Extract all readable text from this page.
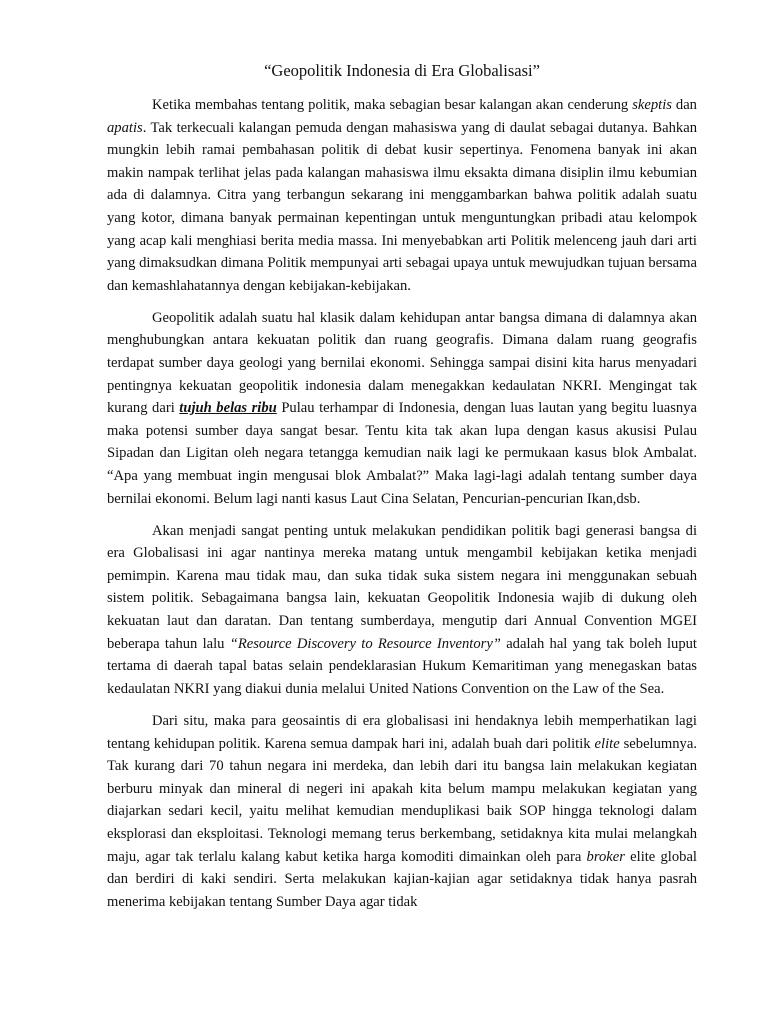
“Geopolitik Indonesia di Era Globalisasi”

Ketika membahas tentang politik, maka sebagian besar kalangan akan cenderung skeptis dan apatis. Tak terkecuali kalangan pemuda dengan mahasiswa yang di daulat sebagai dutanya. Bahkan mungkin lebih ramai pembahasan politik di debat kusir sepertinya. Fenomena banyak ini akan makin nampak terlihat jelas pada kalangan mahasiswa ilmu eksakta dimana disiplin ilmu kebumian ada di dalamnya. Citra yang terbangun sekarang ini menggambarkan bahwa politik adalah suatu yang kotor, dimana banyak permainan kepentingan untuk menguntungkan pribadi atau kelompok yang acap kali menghiasi berita media massa. Ini menyebabkan arti Politik melenceng jauh dari arti yang dimaksudkan dimana Politik mempunyai arti sebagai upaya untuk mewujudkan tujuan bersama dan kemashlahatannya dengan kebijakan-kebijakan.

Geopolitik adalah suatu hal klasik dalam kehidupan antar bangsa dimana di dalamnya akan menghubungkan antara kekuatan politik dan ruang geografis. Dimana dalam ruang geografis terdapat sumber daya geologi yang bernilai ekonomi. Sehingga sampai disini kita harus menyadari pentingnya kekuatan geopolitik indonesia dalam menegakkan kedaulatan NKRI. Mengingat tak kurang dari tujuh belas ribu Pulau terhampar di Indonesia, dengan luas lautan yang begitu luasnya maka potensi sumber daya sangat besar. Tentu kita tak akan lupa dengan kasus akusisi Pulau Sipadan dan Ligitan oleh negara tetangga kemudian naik lagi ke permukaan kasus blok Ambalat. “Apa yang membuat ingin mengusai blok Ambalat?” Maka lagi-lagi adalah tentang sumber daya bernilai ekonomi. Belum lagi nanti kasus Laut Cina Selatan, Pencurian-pencurian Ikan,dsb.

Akan menjadi sangat penting untuk melakukan pendidikan politik bagi generasi bangsa di era Globalisasi ini agar nantinya mereka matang untuk mengambil kebijakan ketika menjadi pemimpin. Karena mau tidak mau, dan suka tidak suka sistem negara ini menggunakan sebuah sistem politik. Sebagaimana bangsa lain, kekuatan Geopolitik Indonesia wajib di dukung oleh kekuatan laut dan daratan. Dan tentang sumberdaya, mengutip dari Annual Convention MGEI beberapa tahun lalu “Resource Discovery to Resource Inventory” adalah hal yang tak boleh luput tertama di daerah tapal batas selain pendeklarasian Hukum Kemaritiman yang menegaskan batas kedaulatan NKRI yang diakui dunia melalui United Nations Convention on the Law of the Sea.

Dari situ, maka para geosaintis di era globalisasi ini hendaknya lebih memperhatikan lagi tentang kehidupan politik. Karena semua dampak hari ini, adalah buah dari politik elite sebelumnya. Tak kurang dari 70 tahun negara ini merdeka, dan lebih dari itu bangsa lain melakukan kegiatan berburu minyak dan mineral di negeri ini apakah kita belum mampu melakukan kegiatan yang diajarkan sedari kecil, yaitu melihat kemudian menduplikasi baik SOP hingga teknologi dalam eksplorasi dan eksploitasi. Teknologi memang terus berkembang, setidaknya kita mulai melangkah maju, agar tak terlalu kalang kabut ketika harga komoditi dimainkan oleh para broker elite global dan berdiri di kaki sendiri. Serta melakukan kajian-kajian agar setidaknya tidak hanya pasrah menerima kebijakan tentang Sumber Daya agar tidak
